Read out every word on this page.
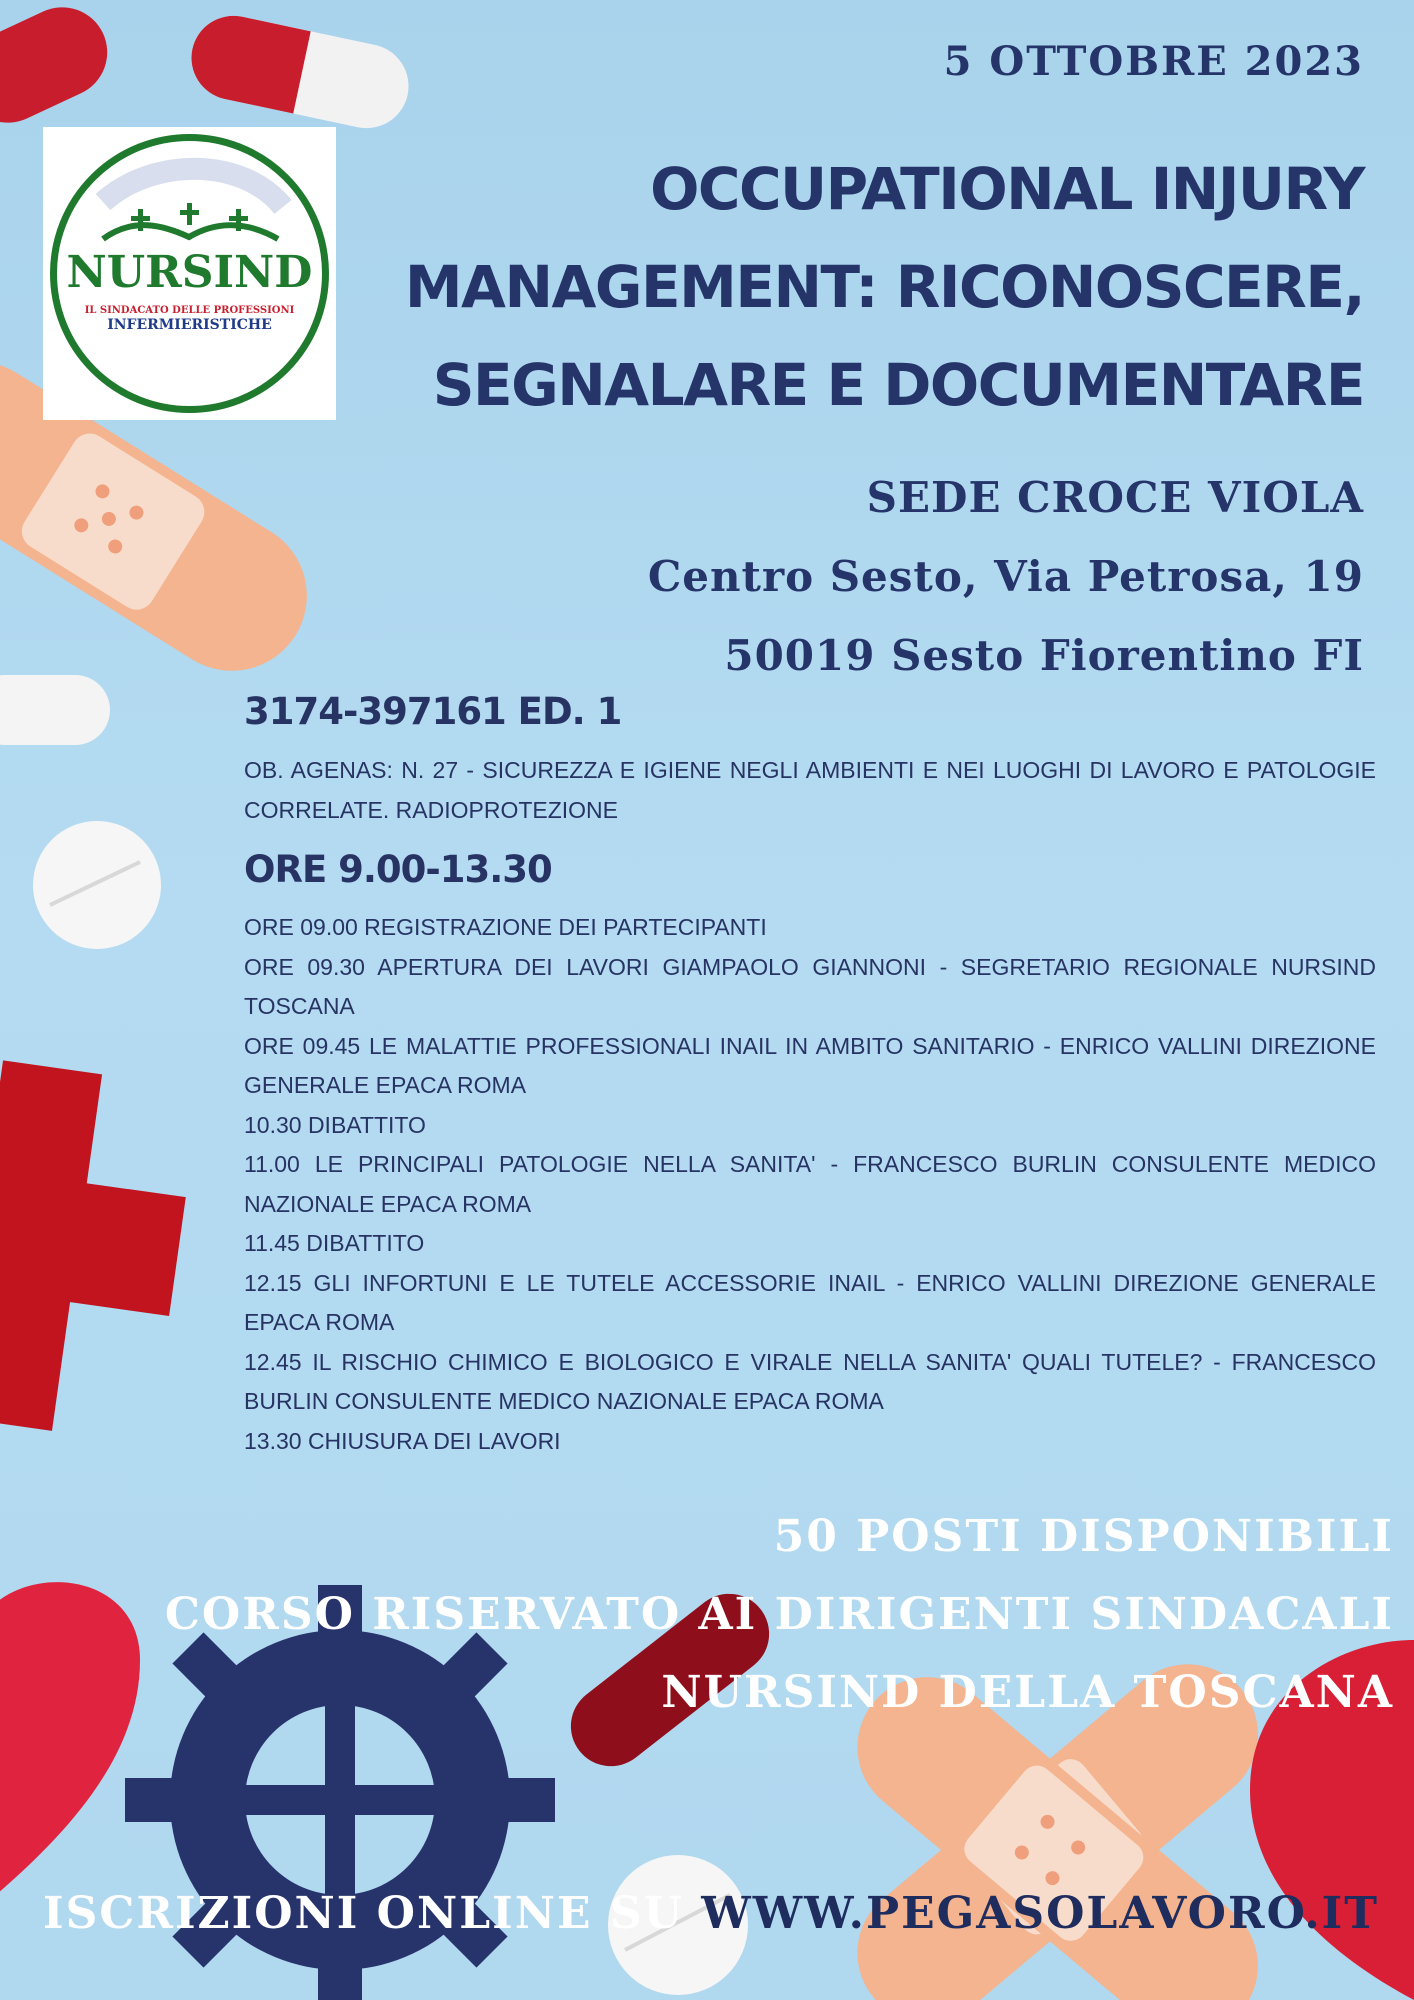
5 OTTOBRE 2023
NURSIND
IL SINDACATO DELLE PROFESSIONI
INFERMIERISTICHE
OCCUPATIONAL INJURY
MANAGEMENT: RICONOSCERE,
SEGNALARE E DOCUMENTARE
SEDE CROCE VIOLA
Centro Sesto, Via Petrosa, 19
50019 Sesto Fiorentino FI
3174-397161 ED. 1
OB. AGENAS: N. 27 - SICUREZZA E IGIENE NEGLI AMBIENTI E NEI LUOGHI DI LAVORO E PATOLOGIE CORRELATE. RADIOPROTEZIONE
ORE 9.00-13.30
ORE 09.00 REGISTRAZIONE DEI PARTECIPANTI
ORE 09.30 APERTURA DEI LAVORI GIAMPAOLO GIANNONI - SEGRETARIO REGIONALE NURSIND TOSCANA
ORE 09.45 LE MALATTIE PROFESSIONALI INAIL IN AMBITO SANITARIO - ENRICO VALLINI DIREZIONE GENERALE EPACA ROMA
10.30 DIBATTITO
11.00 LE PRINCIPALI PATOLOGIE NELLA SANITA' - FRANCESCO BURLIN CONSULENTE MEDICO NAZIONALE EPACA ROMA
11.45 DIBATTITO
12.15 GLI INFORTUNI E LE TUTELE ACCESSORIE INAIL - ENRICO VALLINI DIREZIONE GENERALE EPACA ROMA
12.45 IL RISCHIO CHIMICO E BIOLOGICO E VIRALE NELLA SANITA' QUALI TUTELE? - FRANCESCO BURLIN CONSULENTE MEDICO NAZIONALE EPACA ROMA
13.30 CHIUSURA DEI LAVORI
50 POSTI DISPONIBILI
CORSO RISERVATO AI DIRIGENTI SINDACALI
NURSIND DELLA TOSCANA
ISCRIZIONI ONLINE SU WWW.PEGASOLAVORO.IT
